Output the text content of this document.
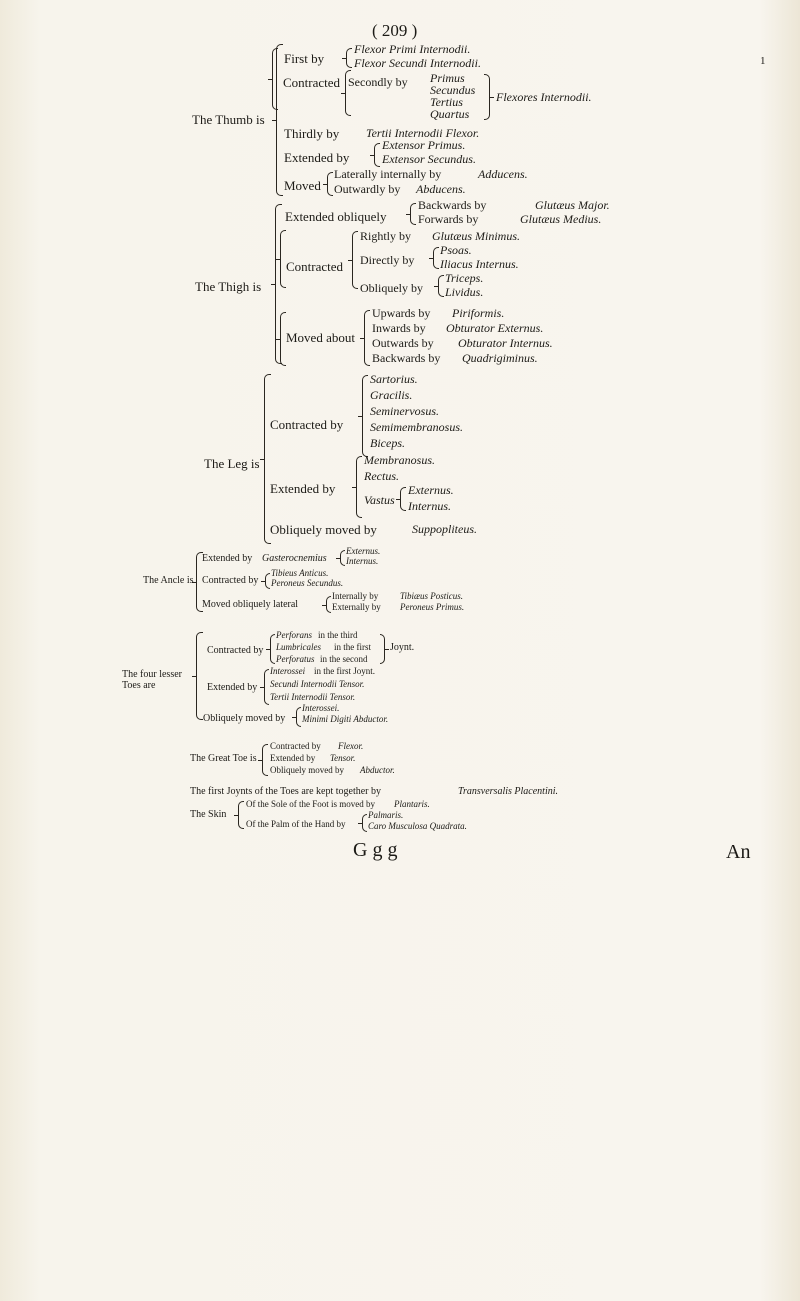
( 209 )
1
The Thumb is
First by
Flexor Primi Internodii.
Flexor Secundi Internodii.
Contracted Secondly by Primus
Secundus
Tertius
Quartus
Flexores Internodii.
Thirdly by Tertii Internodii Flexor.
Extended by
Extensor Primus.
Extensor Secundus.
Moved
Laterally internally by	Adducens.
Outwardly by Abducens.
The Thigh is
Extended obliquely
Backwards by	Glutæus Major.
Forwards by	Glutæus Medius.
Contracted
Rightly by Glutæus Minimus.
Directly by
Psoas.
Iliacus Internus.
Obliquely by
Triceps.
Lividus.
Moved about
Upwards by Piriformis.
Inwards by Obturator Externus.
Outwards by Obturator Internus.
Backwards by Quadrigiminus.
The Leg is
Contracted by
Sartorius.
Gracilis.
Seminervosus.
Semimembranosus.
Biceps.
Extended by
Membranosus.
Rectus.
Vastus
Externus.
Internus.
Obliquely moved by	Suppopliteus.
The Ancle is
Extended by Gasterocnemius
Externus.
Internus.
Contracted by
Tibieus Anticus.
Peroneus Secundus.
Moved obliquely lateral
Internally by Tibiæus Posticus.
Externally by Peroneus Primus.
The four lesser
Toes are
Contracted by
Perforans in the third
Lumbricales in the first
Perforatus in the second
Joynt.
Extended by
Interossei in the first Joynt.
Secundi Internodii Tensor.
Tertii Internodii Tensor.
Obliquely moved by
Interossei.
Minimi Digiti Abductor.
The Great Toe is
Contracted by Flexor.
Extended by Tensor.
Obliquely moved by Abductor.
The first Joynts of the Toes are kept together by	Transversalis Placentini.
The Skin
Of the Sole of the Foot is moved by Plantaris.
Of the Palm of the Hand by
Palmaris.
Caro Musculosa Quadrata.
G g g	An
